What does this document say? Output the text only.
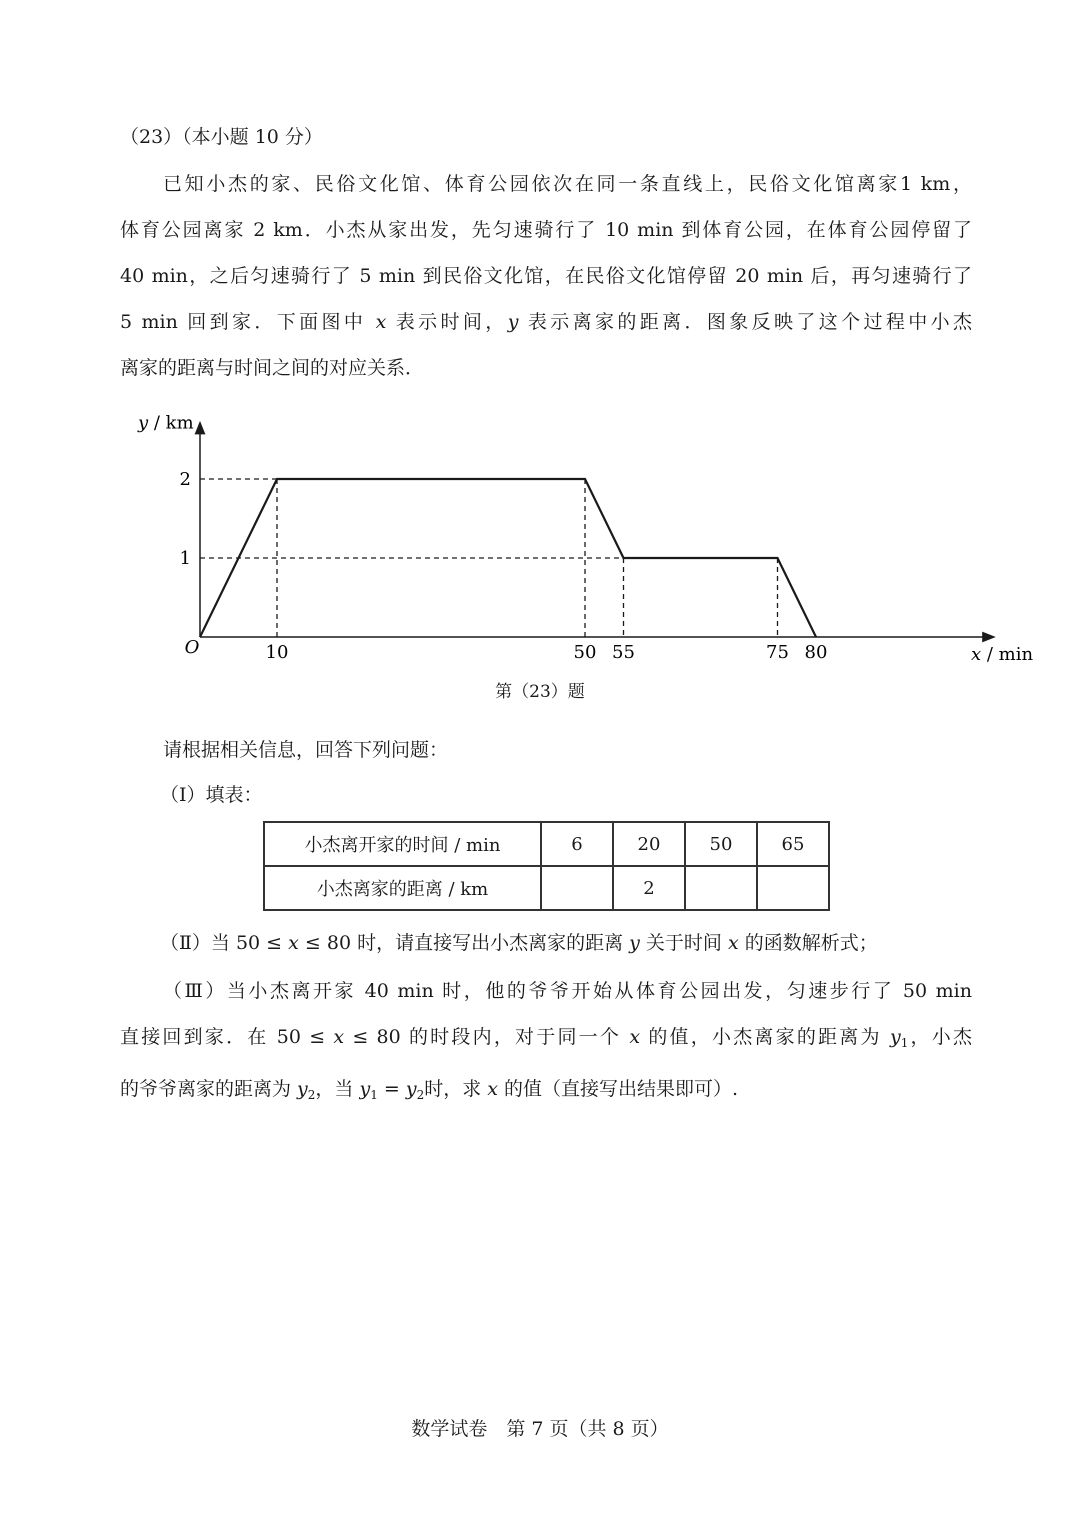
（23）（本小题 10 分）
已知小杰的家、民俗文化馆、体育公园依次在同一条直线上，民俗文化馆离家1 km，
体育公园离家 2 km．小杰从家出发，先匀速骑行了 10 min 到体育公园，在体育公园停留了
40 min，之后匀速骑行了 5 min 到民俗文化馆，在民俗文化馆停留 20 min 后，再匀速骑行了
5 min 回到家．下面图中 x 表示时间，y 表示离家的距离．图象反映了这个过程中小杰
离家的距离与时间之间的对应关系．
10	50 55	75 80
1
2
O	x / min
y / km
第（23）题
请根据相关信息，回答下列问题：
（Ⅰ）填表：
小杰离开家的时间 / min	6	20	50	65
小杰离家的距离 / km		2		
（Ⅱ）当 50 ≤ x ≤ 80 时，请直接写出小杰离家的距离 y 关于时间 x 的函数解析式；
（Ⅲ）当小杰离开家 40 min 时，他的爷爷开始从体育公园出发，匀速步行了 50 min
直接回到家．在 50 ≤ x ≤ 80 的时段内，对于同一个 x 的值，小杰离家的距离为 $y_1$，小杰
的爷爷离家的距离为 $y_2$，当 $y_1 = y_2$时，求 x 的值（直接写出结果即可）.
数学试卷　第 7 页（共 8 页）
